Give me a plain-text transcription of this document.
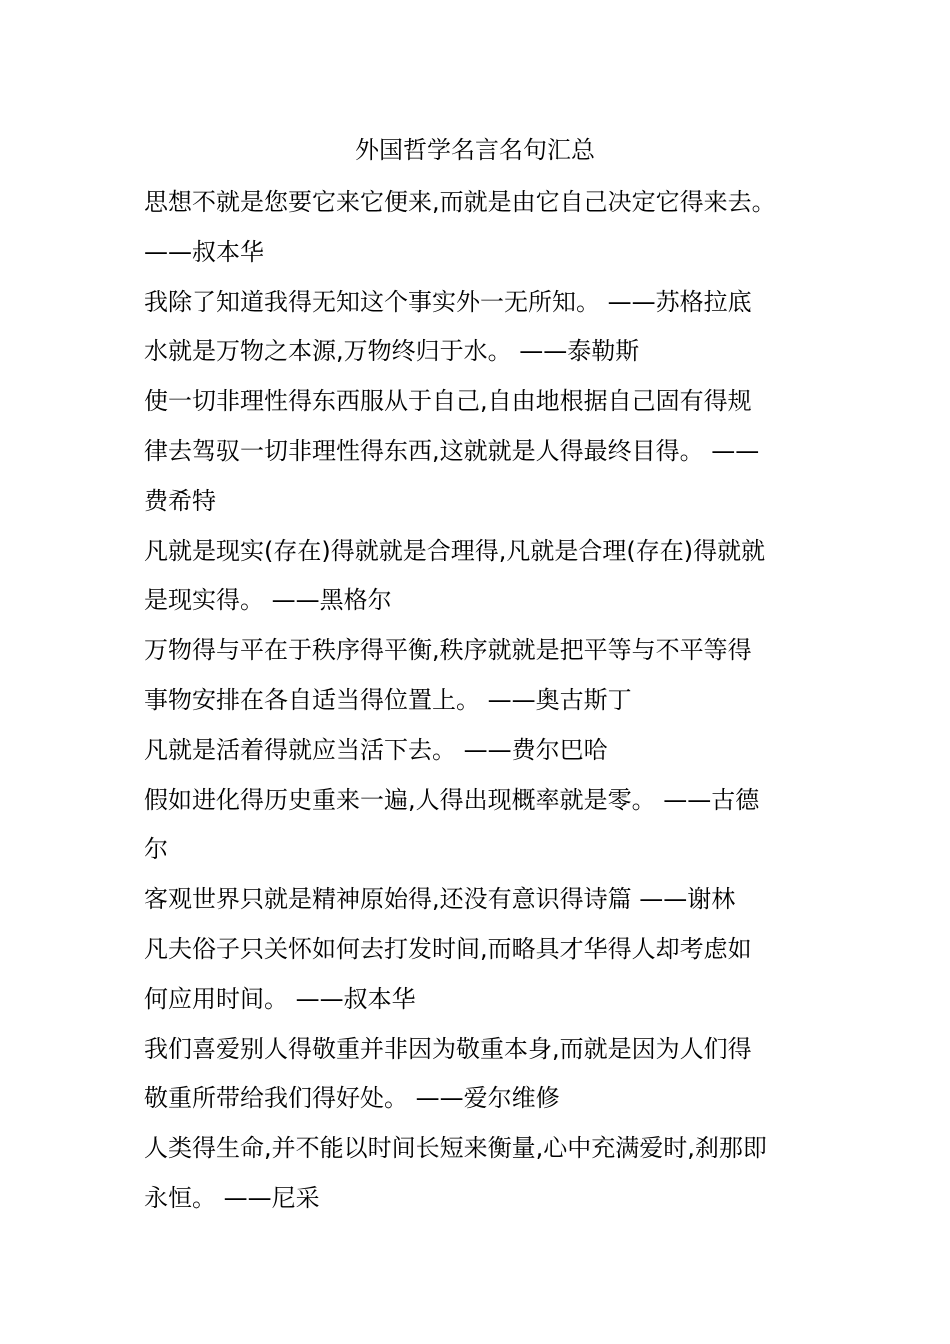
外国哲学名言名句汇总
思想不就是您要它来它便来,而就是由它自己决定它得来去。
——叔本华
我除了知道我得无知这个事实外一无所知。 ——苏格拉底
水就是万物之本源,万物终归于水。 ——泰勒斯
使一切非理性得东西服从于自己,自由地根据自己固有得规
律去驾驭一切非理性得东西,这就就是人得最终目得。 ——
费希特
凡就是现实(存在)得就就是合理得,凡就是合理(存在)得就就
是现实得。 ——黑格尔
万物得与平在于秩序得平衡,秩序就就是把平等与不平等得
事物安排在各自适当得位置上。 ——奥古斯丁
凡就是活着得就应当活下去。 ——费尔巴哈
假如进化得历史重来一遍,人得出现概率就是零。 ——古德
尔
客观世界只就是精神原始得,还没有意识得诗篇 ——谢林
凡夫俗子只关怀如何去打发时间,而略具才华得人却考虑如
何应用时间。 ——叔本华
我们喜爱别人得敬重并非因为敬重本身,而就是因为人们得
敬重所带给我们得好处。 ——爱尔维修
人类得生命,并不能以时间长短来衡量,心中充满爱时,刹那即
永恒。 ——尼采
